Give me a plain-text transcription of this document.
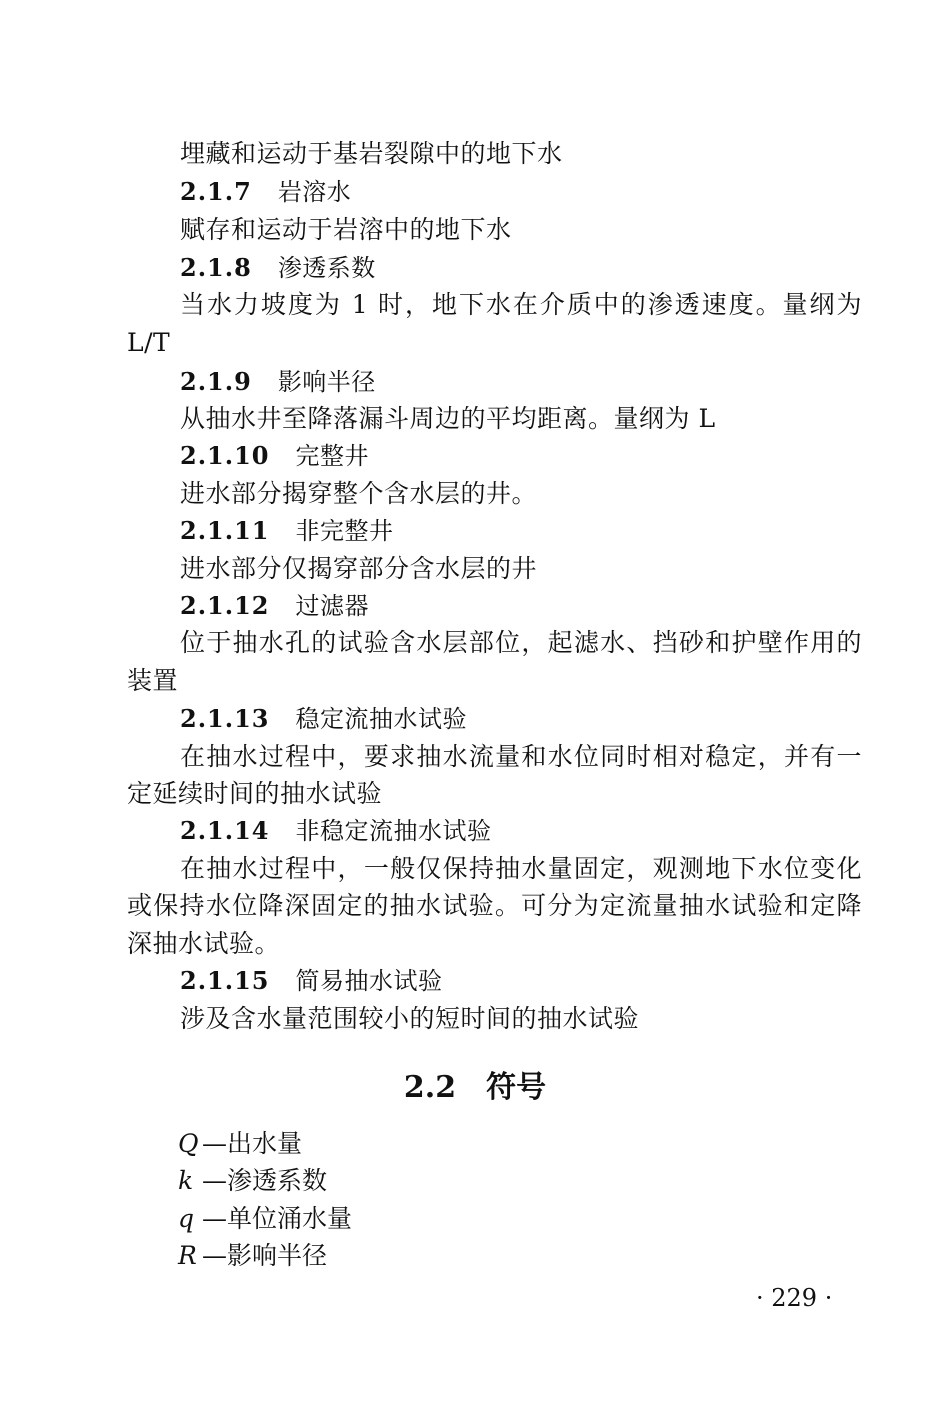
埋藏和运动于基岩裂隙中的地下水
2.1.7 岩溶水
赋存和运动于岩溶中的地下水
2.1.8 渗透系数
当水力坡度为 1 时，地下水在介质中的渗透速度。量纲为
L/T
2.1.9 影响半径
从抽水井至降落漏斗周边的平均距离。量纲为 L
2.1.10 完整井
进水部分揭穿整个含水层的井。
2.1.11 非完整井
进水部分仅揭穿部分含水层的井
2.1.12 过滤器
位于抽水孔的试验含水层部位，起滤水、挡砂和护壁作用的
装置
2.1.13 稳定流抽水试验
在抽水过程中，要求抽水流量和水位同时相对稳定，并有一
定延续时间的抽水试验
2.1.14 非稳定流抽水试验
在抽水过程中，一般仅保持抽水量固定，观测地下水位变化
或保持水位降深固定的抽水试验。可分为定流量抽水试验和定降
深抽水试验。
2.1.15 简易抽水试验
涉及含水量范围较小的短时间的抽水试验
2.2 符号
Q —出水量
k —渗透系数
q —单位涌水量
R —影响半径
· 229 ·
